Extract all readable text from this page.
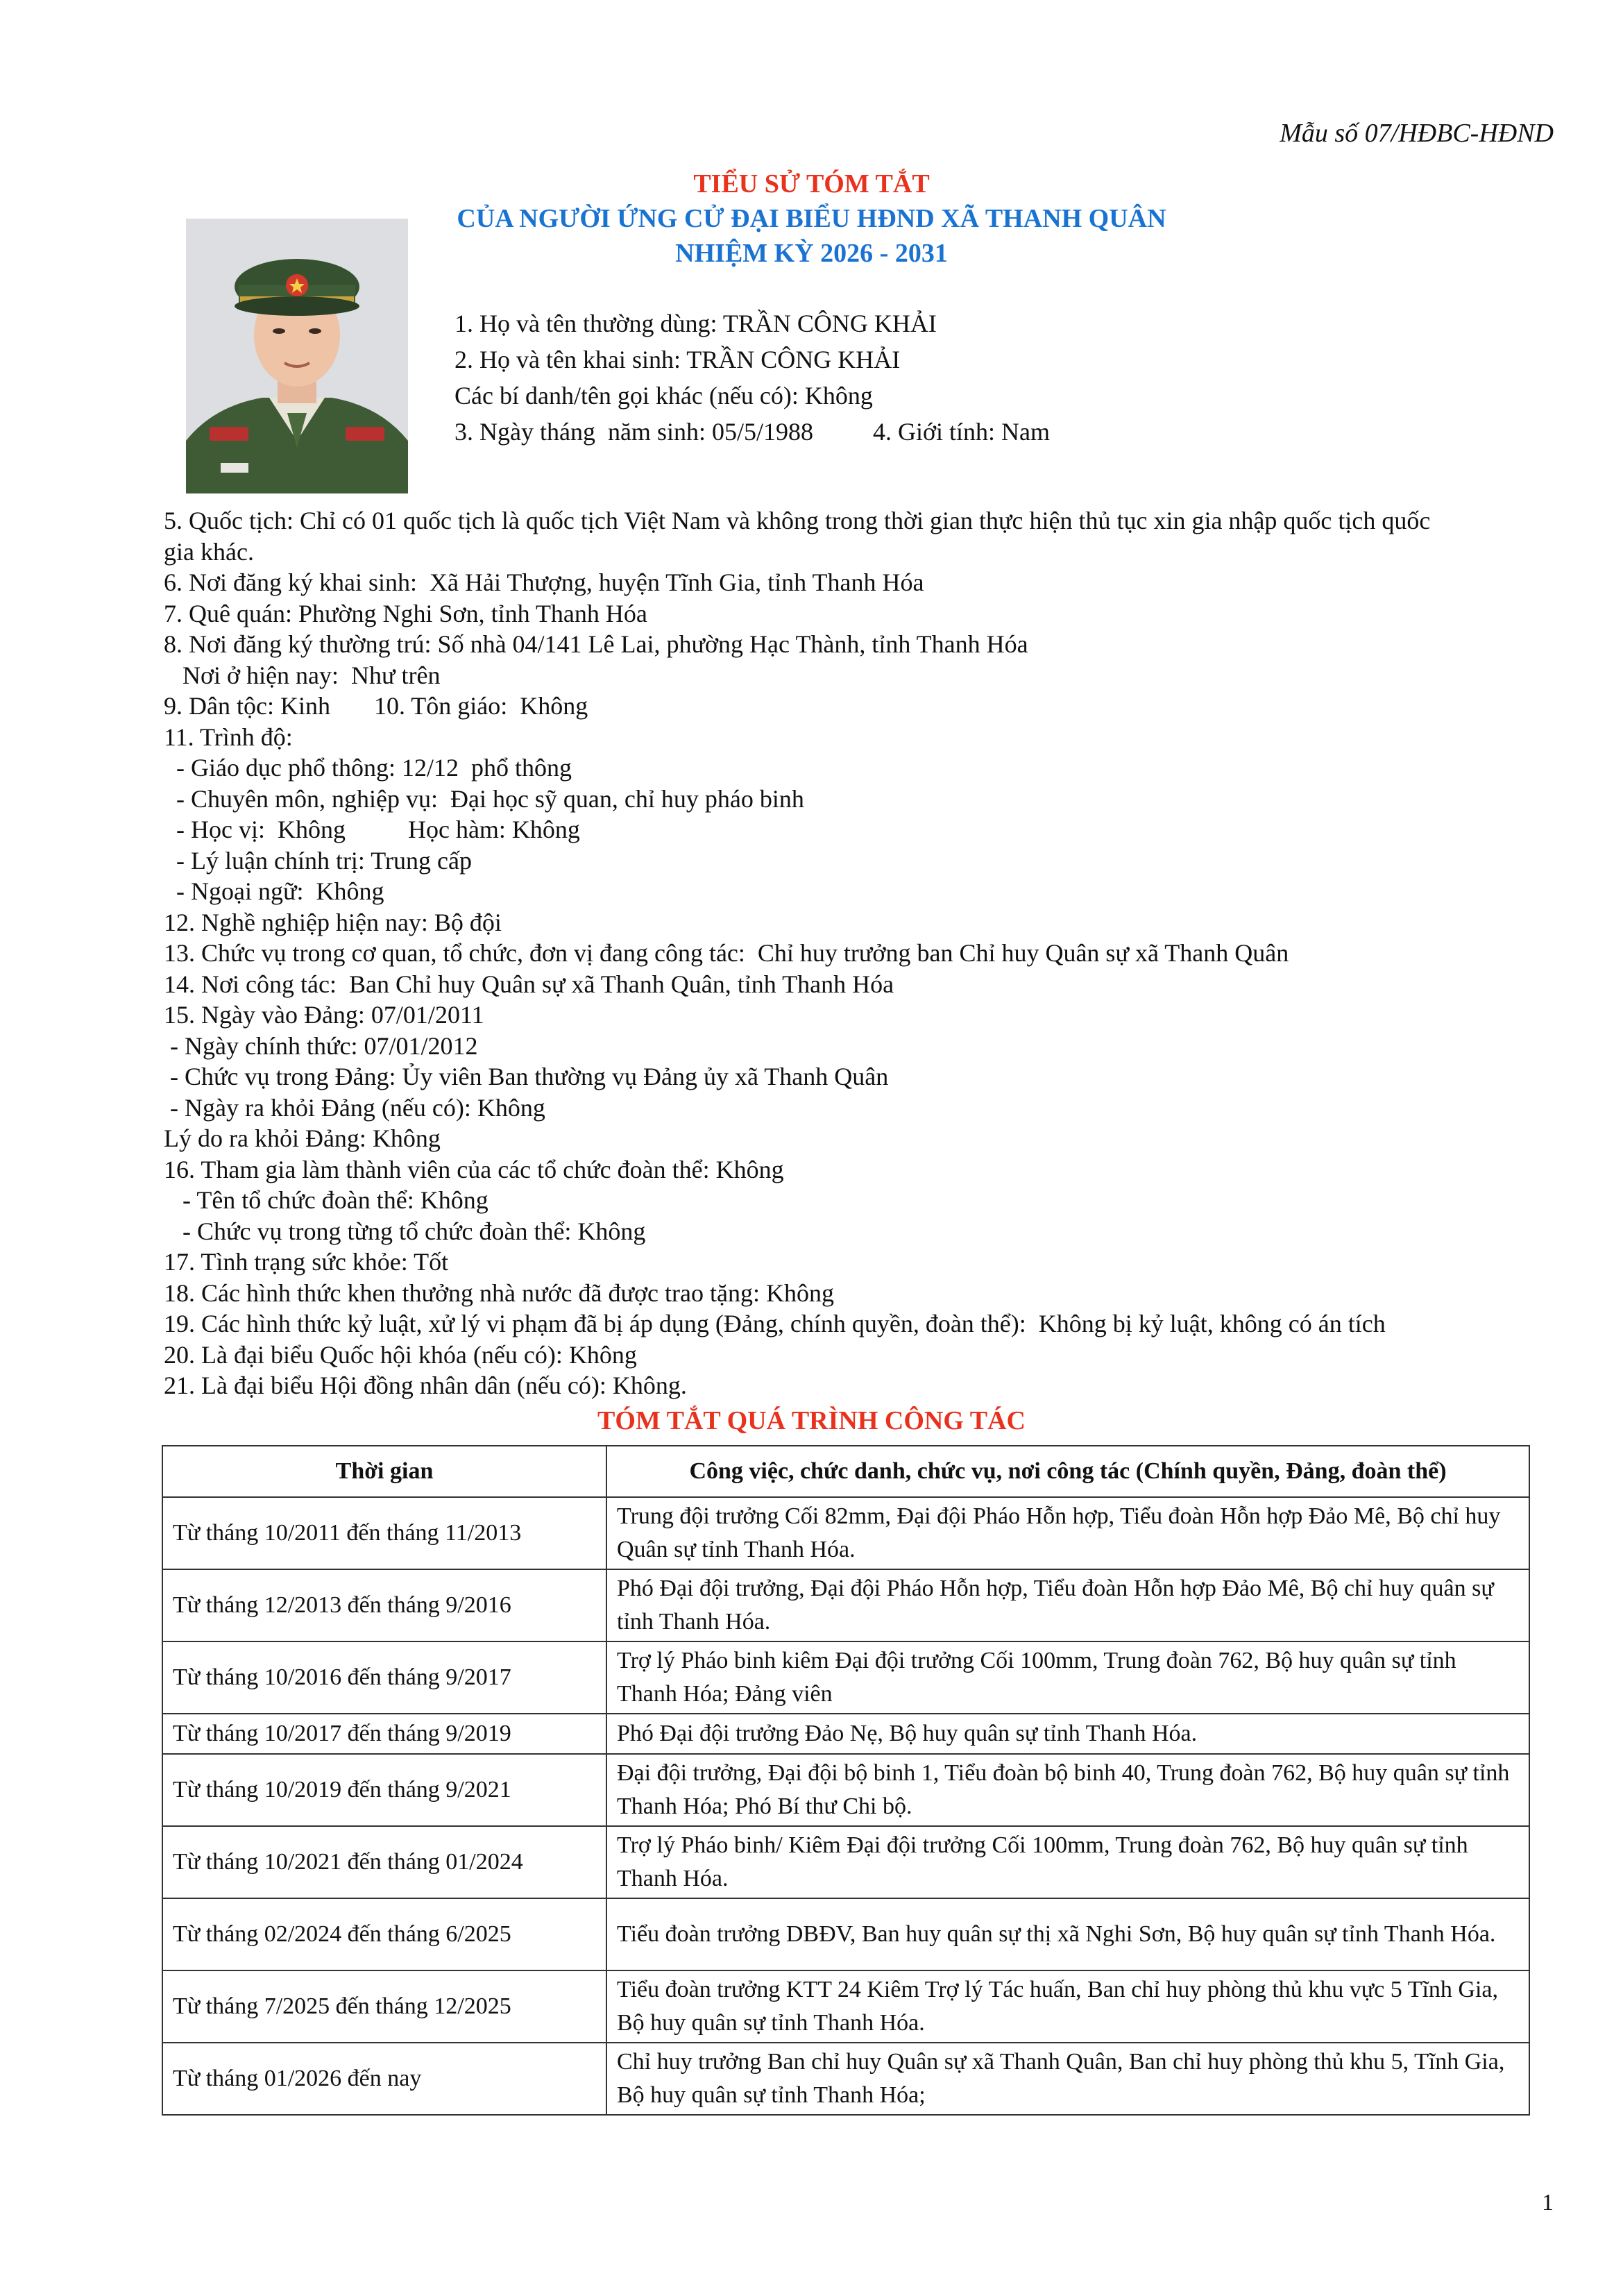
Mẫu số 07/HĐBC-HĐND
TIỂU SỬ TÓM TẮT
CỦA NGƯỜI ỨNG CỬ ĐẠI BIỂU HĐND XÃ THANH QUÂN
NHIỆM KỲ 2026 - 2031
1. Họ và tên thường dùng: TRẦN CÔNG KHẢI
2. Họ và tên khai sinh: TRẦN CÔNG KHẢI
Các bí danh/tên gọi khác (nếu có): Không
3. Ngày tháng  năm sinh: 05/5/1988 4. Giới tính: Nam
5. Quốc tịch: Chỉ có 01 quốc tịch là quốc tịch Việt Nam và không trong thời gian thực hiện thủ tục xin gia nhập quốc tịch quốc
gia khác.
6. Nơi đăng ký khai sinh:  Xã Hải Thượng, huyện Tĩnh Gia, tỉnh Thanh Hóa
7. Quê quán: Phường Nghi Sơn, tỉnh Thanh Hóa
8. Nơi đăng ký thường trú: Số nhà 04/141 Lê Lai, phường Hạc Thành, tỉnh Thanh Hóa
Nơi ở hiện nay:  Như trên
9. Dân tộc: Kinh       10. Tôn giáo:  Không
11. Trình độ:
- Giáo dục phổ thông: 12/12  phổ thông
- Chuyên môn, nghiệp vụ:  Đại học sỹ quan, chỉ huy pháo binh
- Học vị:  Không          Học hàm: Không
- Lý luận chính trị: Trung cấp
- Ngoại ngữ:  Không
12. Nghề nghiệp hiện nay: Bộ đội
13. Chức vụ trong cơ quan, tổ chức, đơn vị đang công tác:  Chỉ huy trưởng ban Chỉ huy Quân sự xã Thanh Quân
14. Nơi công tác:  Ban Chỉ huy Quân sự xã Thanh Quân, tỉnh Thanh Hóa
15. Ngày vào Đảng: 07/01/2011
- Ngày chính thức: 07/01/2012
- Chức vụ trong Đảng: Ủy viên Ban thường vụ Đảng ủy xã Thanh Quân
- Ngày ra khỏi Đảng (nếu có): Không
Lý do ra khỏi Đảng: Không
16. Tham gia làm thành viên của các tổ chức đoàn thể: Không
- Tên tổ chức đoàn thể: Không
- Chức vụ trong từng tổ chức đoàn thể: Không
17. Tình trạng sức khỏe: Tốt
18. Các hình thức khen thưởng nhà nước đã được trao tặng: Không
19. Các hình thức kỷ luật, xử lý vi phạm đã bị áp dụng (Đảng, chính quyền, đoàn thể):  Không bị kỷ luật, không có án tích
20. Là đại biểu Quốc hội khóa (nếu có): Không
21. Là đại biểu Hội đồng nhân dân (nếu có): Không.
TÓM TẮT QUÁ TRÌNH CÔNG TÁC
Thời gian	Công việc, chức danh, chức vụ, nơi công tác (Chính quyền, Đảng, đoàn thể)
Từ tháng 10/2011 đến tháng 11/2013	Trung đội trưởng Cối 82mm, Đại đội Pháo Hỗn hợp, Tiểu đoàn Hỗn hợp Đảo Mê, Bộ chỉ huy Quân sự tỉnh Thanh Hóa.
Từ tháng 12/2013 đến tháng 9/2016	Phó Đại đội trưởng, Đại đội Pháo Hỗn hợp, Tiểu đoàn Hỗn hợp Đảo Mê, Bộ chỉ huy quân sự tỉnh Thanh Hóa.
Từ tháng 10/2016 đến tháng 9/2017	Trợ lý Pháo binh kiêm Đại đội trưởng Cối 100mm, Trung đoàn 762, Bộ huy quân sự tỉnh Thanh Hóa; Đảng viên
Từ tháng 10/2017 đến tháng 9/2019	Phó Đại đội trưởng Đảo Nẹ, Bộ huy quân sự tỉnh Thanh Hóa.
Từ tháng 10/2019 đến tháng 9/2021	Đại đội trưởng, Đại đội bộ binh 1, Tiểu đoàn bộ binh 40, Trung đoàn 762, Bộ huy quân sự tỉnh Thanh Hóa; Phó Bí thư Chi bộ.
Từ tháng 10/2021 đến tháng 01/2024	Trợ lý Pháo binh/ Kiêm Đại đội trưởng Cối 100mm, Trung đoàn 762, Bộ huy quân sự tỉnh Thanh Hóa.
Từ tháng 02/2024 đến tháng 6/2025	Tiểu đoàn trưởng DBĐV, Ban huy quân sự thị xã Nghi Sơn, Bộ huy quân sự tỉnh Thanh Hóa.
Từ tháng 7/2025 đến tháng 12/2025	Tiểu đoàn trưởng KTT 24 Kiêm Trợ lý Tác huấn, Ban chỉ huy phòng thủ khu vực 5 Tĩnh Gia, Bộ huy quân sự tỉnh Thanh Hóa.
Từ tháng 01/2026 đến nay	Chỉ huy trưởng Ban chỉ huy Quân sự xã Thanh Quân, Ban chỉ huy phòng thủ khu 5, Tĩnh Gia, Bộ huy quân sự tỉnh Thanh Hóa;
1
